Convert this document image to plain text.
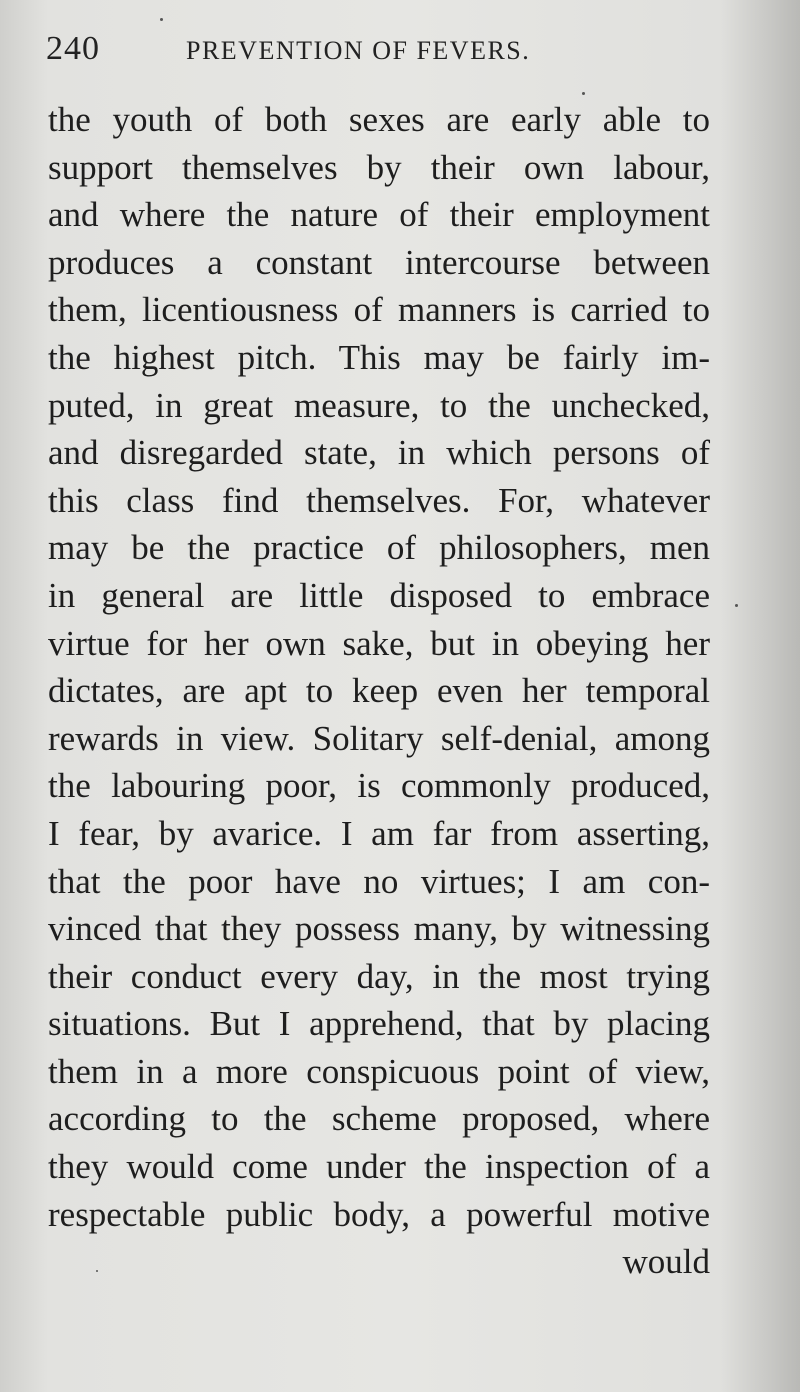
240	PREVENTION OF FEVERS.
the youth of both sexes are early able to
support themselves by their own labour,
and where the nature of their employment
produces a constant intercourse between
them, licentiousness of manners is carried to
the highest pitch. This may be fairly im-
puted, in great measure, to the unchecked,
and disregarded state, in which persons of
this class find themselves. For, whatever
may be the practice of philosophers, men
in general are little disposed to embrace
virtue for her own sake, but in obeying her
dictates, are apt to keep even her temporal
rewards in view. Solitary self-denial, among
the labouring poor, is commonly produced,
I fear, by avarice. I am far from asserting,
that the poor have no virtues; I am con-
vinced that they possess many, by witnessing
their conduct every day, in the most trying
situations. But I apprehend, that by placing
them in a more conspicuous point of view,
according to the scheme proposed, where
they would come under the inspection of a
respectable public body, a powerful motive
would
